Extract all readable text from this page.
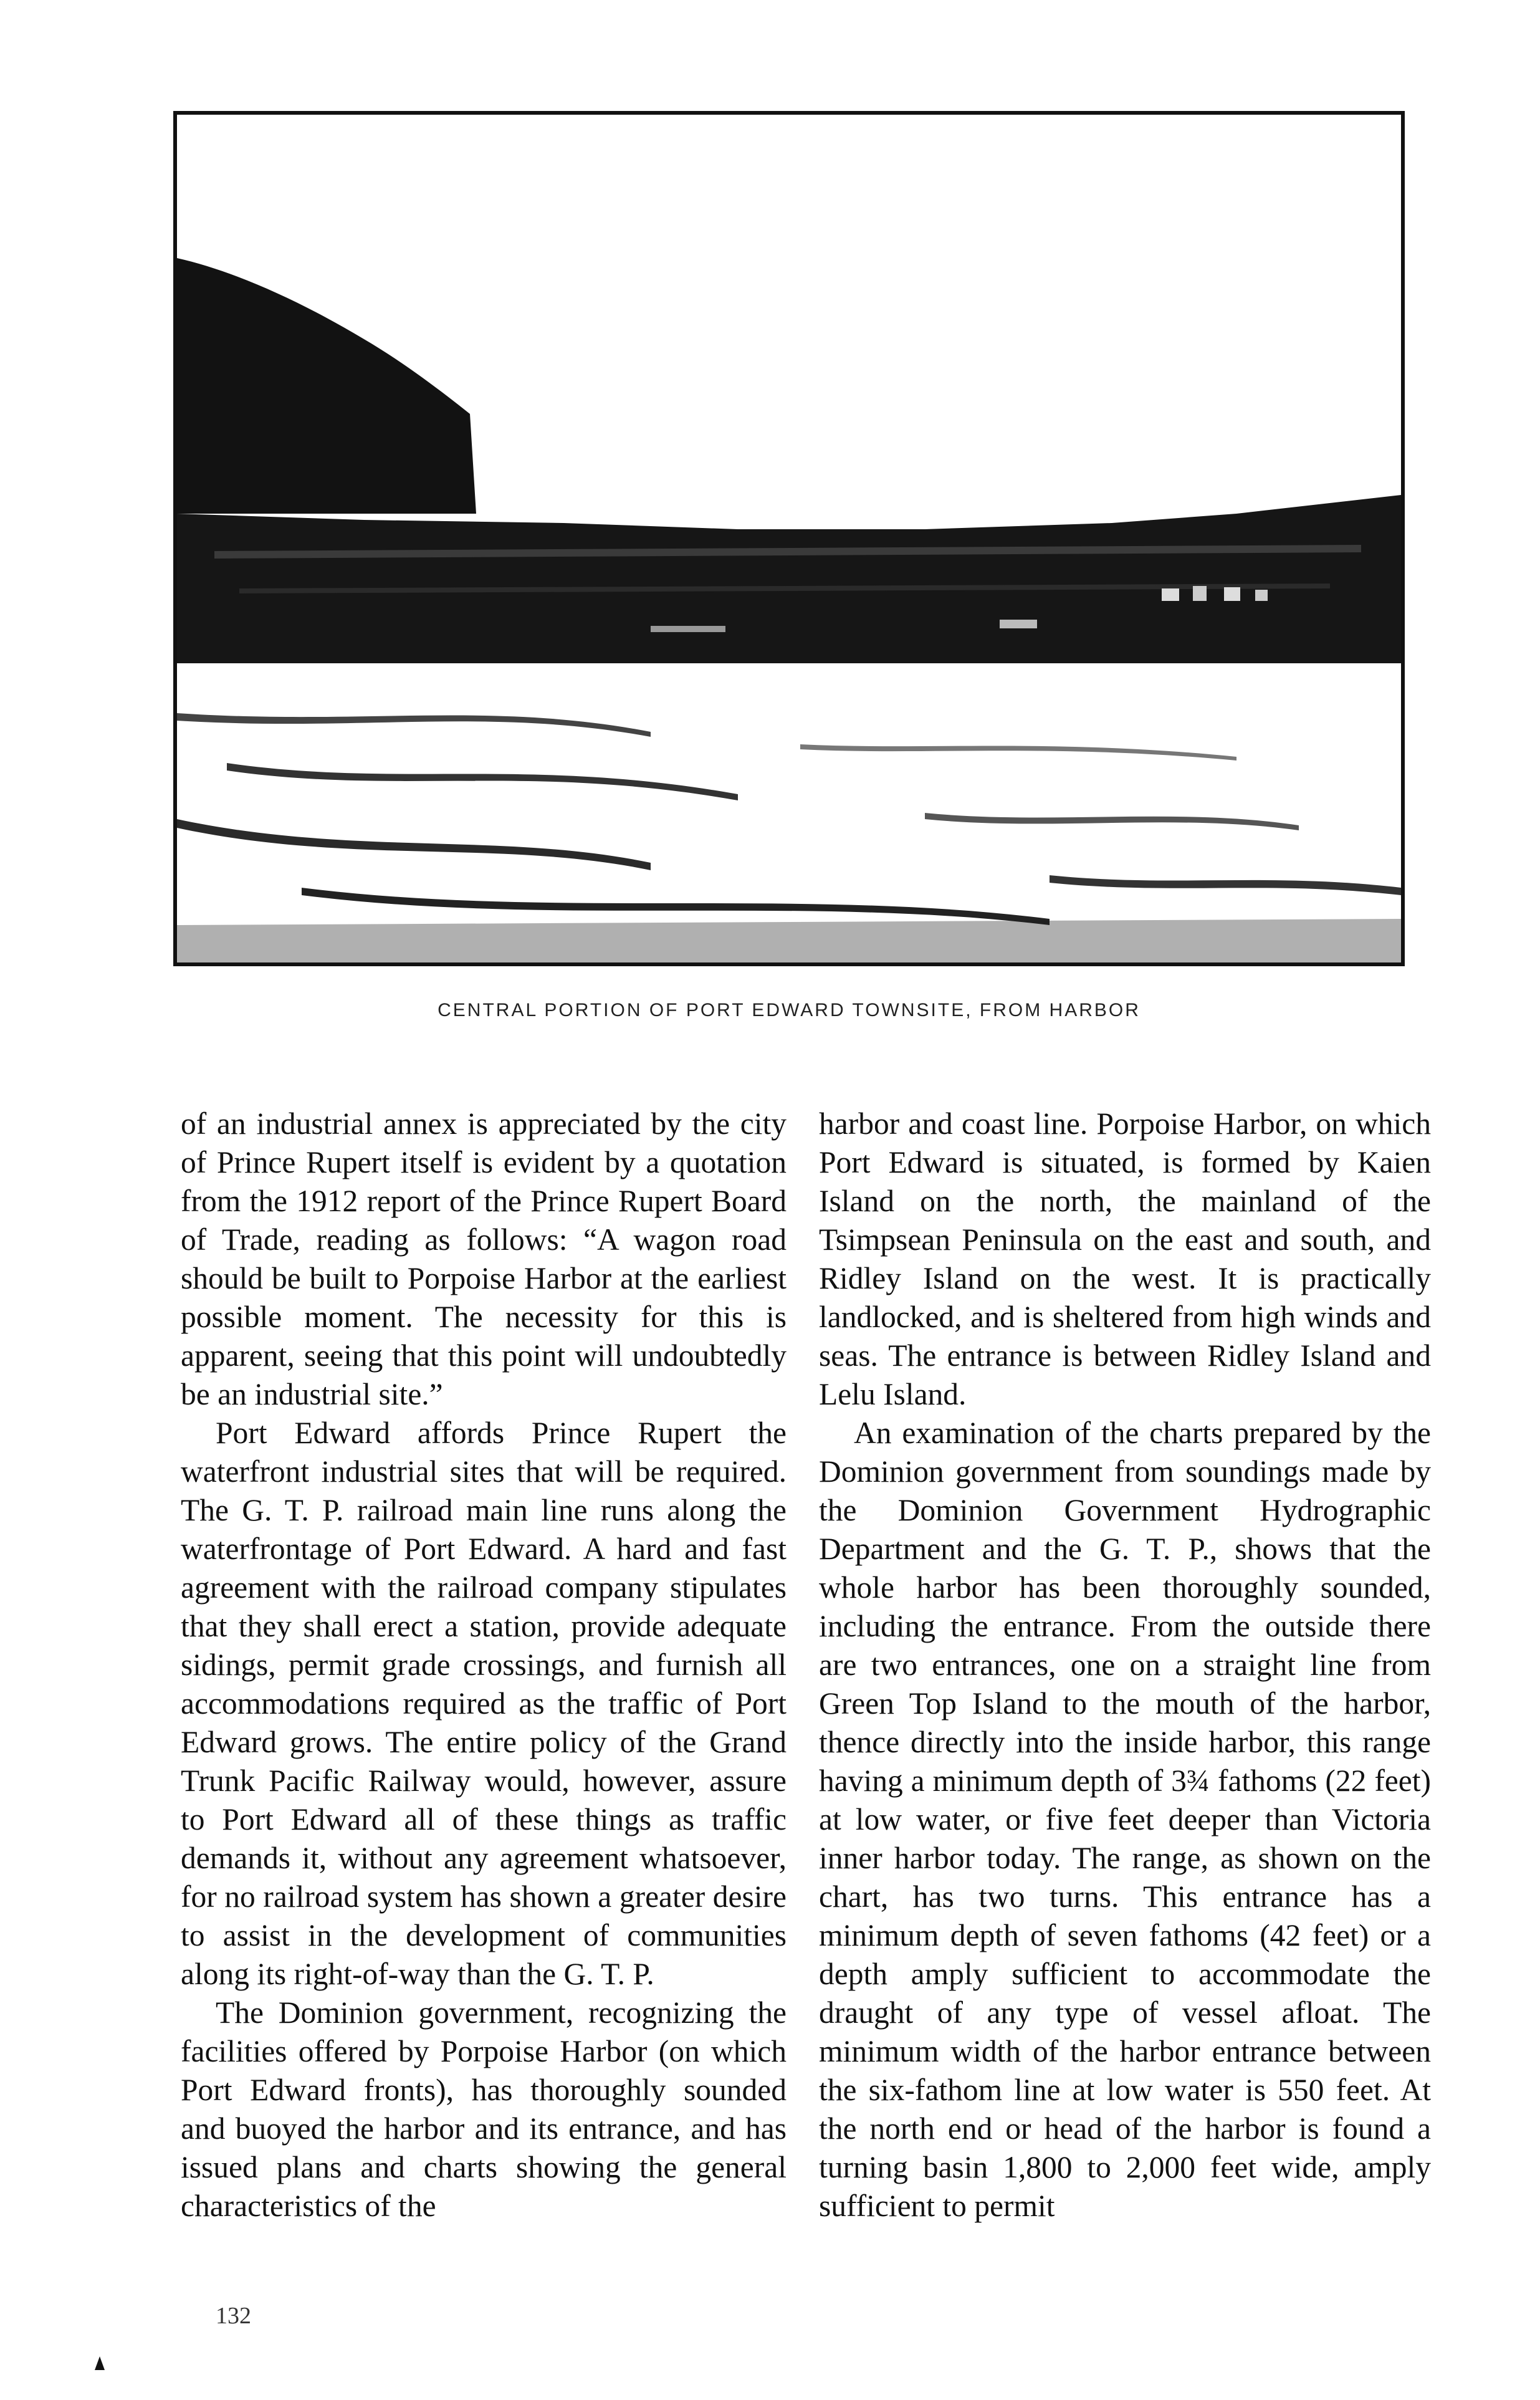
CENTRAL PORTION OF PORT EDWARD TOWNSITE, FROM HARBOR

of an industrial annex is appreciated by the city of Prince Rupert itself is evident by a quotation from the 1912 report of the Prince Rupert Board of Trade, reading as follows: “A wagon road should be built to Porpoise Harbor at the earliest possible moment. The necessity for this is apparent, seeing that this point will undoubtedly be an industrial site.”

Port Edward affords Prince Rupert the waterfront industrial sites that will be required. The G. T. P. railroad main line runs along the waterfrontage of Port Edward. A hard and fast agreement with the railroad company stipulates that they shall erect a station, provide adequate sidings, permit grade crossings, and furnish all accommodations required as the traffic of Port Edward grows. The entire policy of the Grand Trunk Pacific Railway would, however, assure to Port Edward all of these things as traffic demands it, without any agreement whatsoever, for no railroad system has shown a greater desire to assist in the development of communities along its right-of-way than the G. T. P.

The Dominion government, recognizing the facilities offered by Porpoise Harbor (on which Port Edward fronts), has thoroughly sounded and buoyed the harbor and its entrance, and has issued plans and charts showing the general characteristics of the

harbor and coast line. Porpoise Harbor, on which Port Edward is situated, is formed by Kaien Island on the north, the mainland of the Tsimpsean Peninsula on the east and south, and Ridley Island on the west. It is practically landlocked, and is sheltered from high winds and seas. The entrance is between Ridley Island and Lelu Island.

An examination of the charts prepared by the Dominion government from soundings made by the Dominion Government Hydrographic Department and the G. T. P., shows that the whole harbor has been thoroughly sounded, including the entrance. From the outside there are two entrances, one on a straight line from Green Top Island to the mouth of the harbor, thence directly into the inside harbor, this range having a minimum depth of 3¾ fathoms (22 feet) at low water, or five feet deeper than Victoria inner harbor today. The range, as shown on the chart, has two turns. This entrance has a minimum depth of seven fathoms (42 feet) or a depth amply sufficient to accommodate the draught of any type of vessel afloat. The minimum width of the harbor entrance between the six-fathom line at low water is 550 feet. At the north end or head of the harbor is found a turning basin 1,800 to 2,000 feet wide, amply sufficient to permit

132
